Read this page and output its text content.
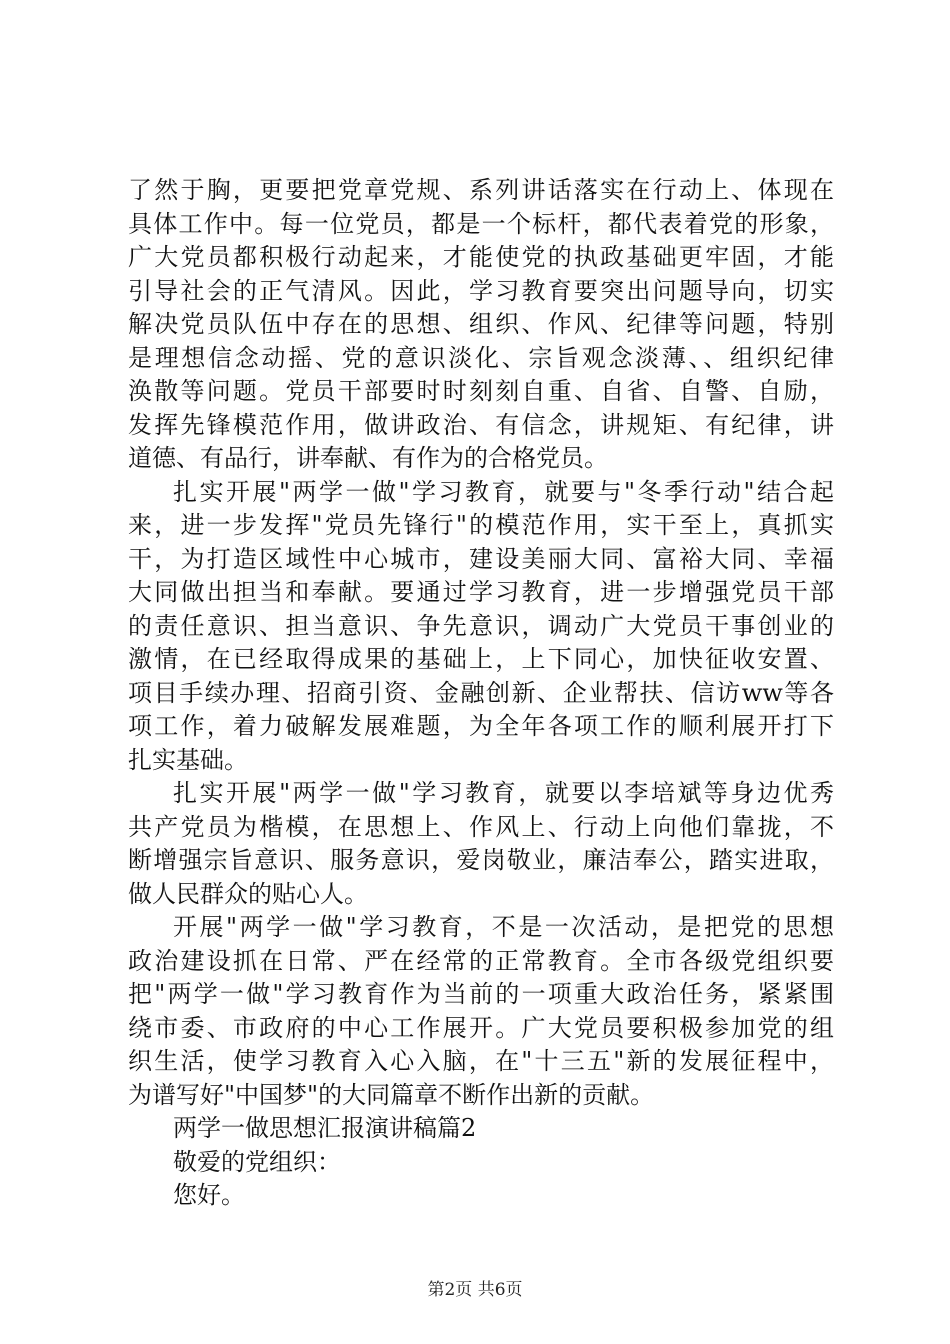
了然于胸，更要把党章党规、系列讲话落实在行动上、体现在
具体工作中。每一位党员，都是一个标杆，都代表着党的形象，
广大党员都积极行动起来，才能使党的执政基础更牢固，才能
引导社会的正气清风。因此，学习教育要突出问题导向，切实
解决党员队伍中存在的思想、组织、作风、纪律等问题，特别
是理想信念动摇、党的意识淡化、宗旨观念淡薄、、组织纪律
涣散等问题。党员干部要时时刻刻自重、自省、自警、自励，
发挥先锋模范作用，做讲政治、有信念，讲规矩、有纪律，讲
道德、有品行，讲奉献、有作为的合格党员。
扎实开展"两学一做"学习教育，就要与"冬季行动"结合起
来，进一步发挥"党员先锋行"的模范作用，实干至上，真抓实
干，为打造区域性中心城市，建设美丽大同、富裕大同、幸福
大同做出担当和奉献。要通过学习教育，进一步增强党员干部
的责任意识、担当意识、争先意识，调动广大党员干事创业的
激情，在已经取得成果的基础上，上下同心，加快征收安置、
项目手续办理、招商引资、金融创新、企业帮扶、信访ww等各
项工作，着力破解发展难题，为全年各项工作的顺利展开打下
扎实基础。
扎实开展"两学一做"学习教育，就要以李培斌等身边优秀
共产党员为楷模，在思想上、作风上、行动上向他们靠拢，不
断增强宗旨意识、服务意识，爱岗敬业，廉洁奉公，踏实进取，
做人民群众的贴心人。
开展"两学一做"学习教育，不是一次活动，是把党的思想
政治建设抓在日常、严在经常的正常教育。全市各级党组织要
把"两学一做"学习教育作为当前的一项重大政治任务，紧紧围
绕市委、市政府的中心工作展开。广大党员要积极参加党的组
织生活，使学习教育入心入脑，在"十三五"新的发展征程中，
为谱写好"中国梦"的大同篇章不断作出新的贡献。
两学一做思想汇报演讲稿篇2
敬爱的党组织：
您好。
第2页 共6页
